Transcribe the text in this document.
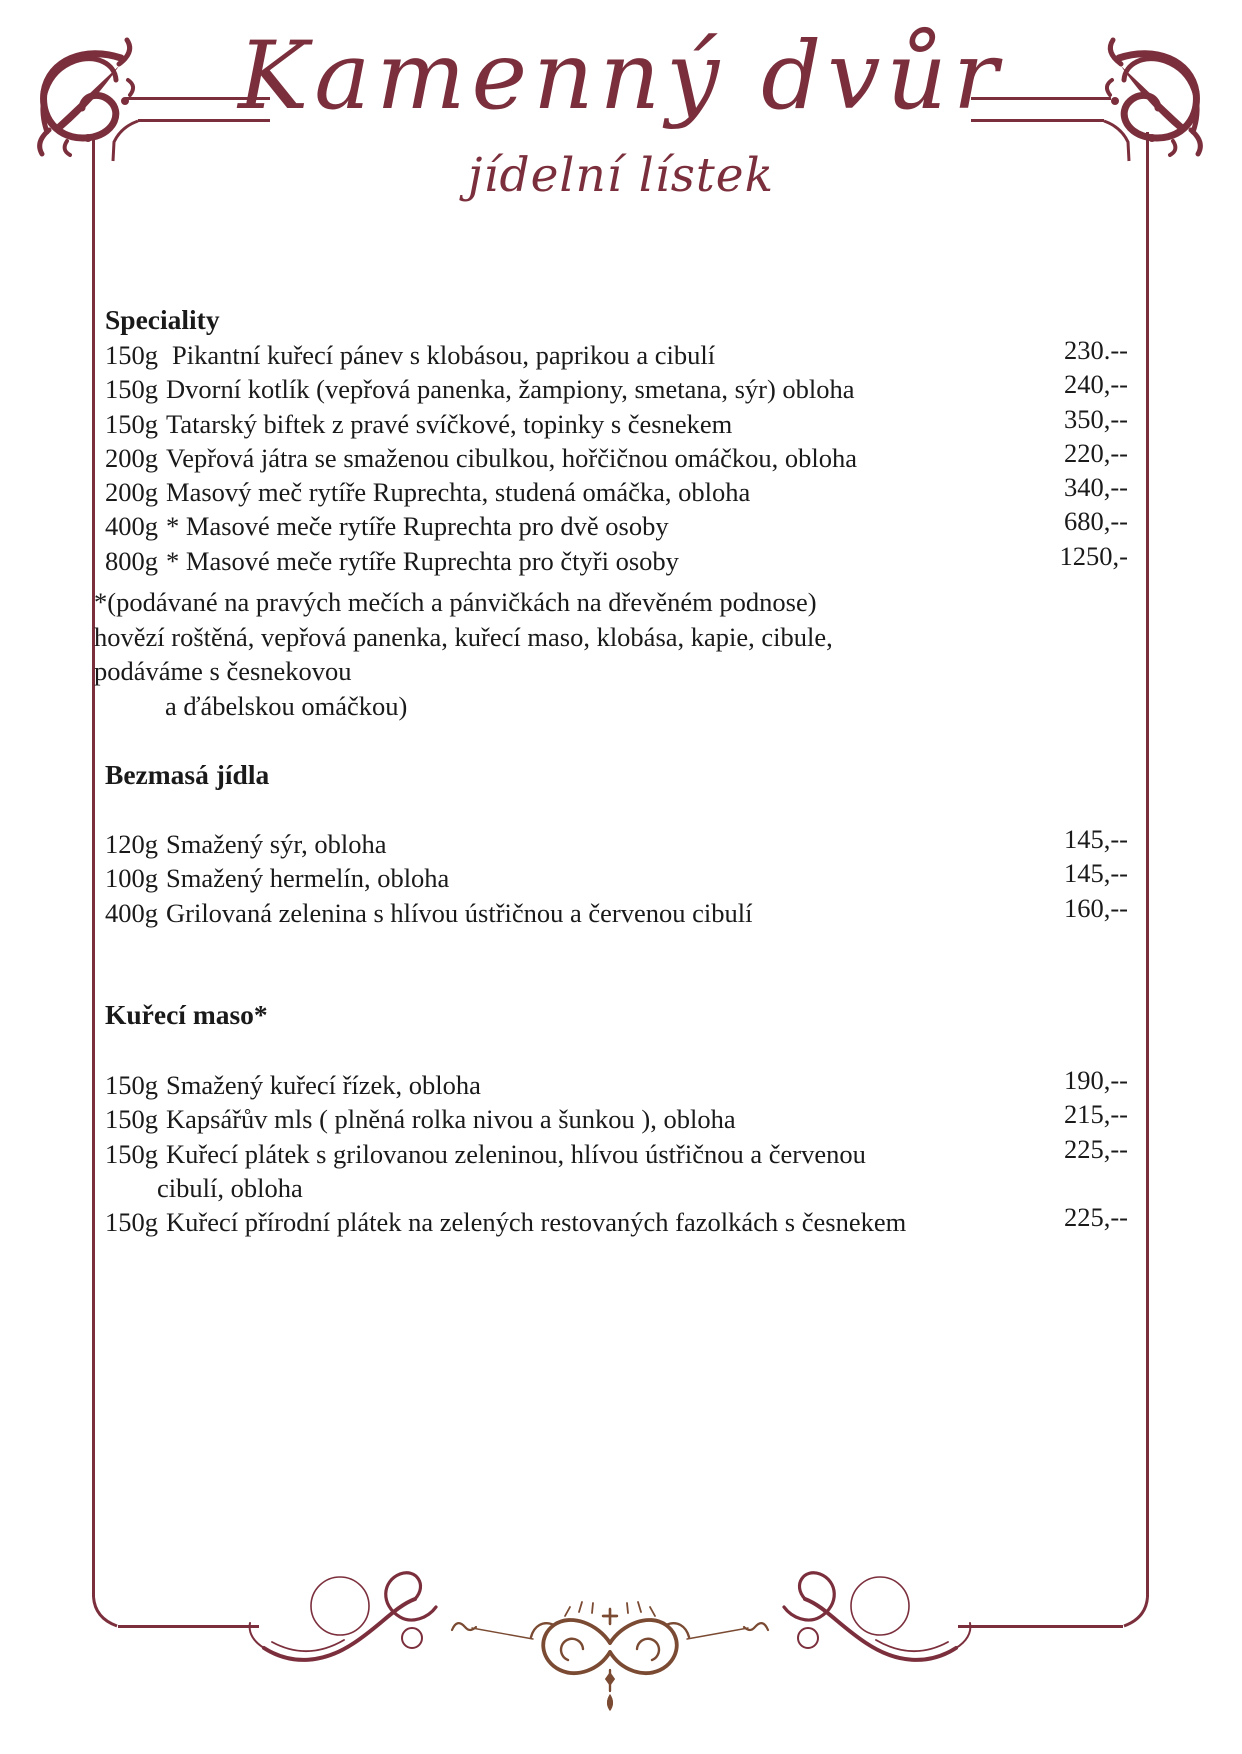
Kamenný dvůr
jídelní lístek
Speciality
150g Pikantní kuřecí pánev s klobásou, paprikou a cibulí	230.--
150g Dvorní kotlík (vepřová panenka, žampiony, smetana, sýr) obloha	240,--
150g Tatarský biftek z pravé svíčkové, topinky s česnekem	350,--
200g Vepřová játra se smaženou cibulkou, hořčičnou omáčkou, obloha	220,--
200g Masový meč rytíře Ruprechta, studená omáčka, obloha	340,--
400g * Masové meče rytíře Ruprechta pro dvě osoby	680,--
800g * Masové meče rytíře Ruprechta pro čtyři osoby	1250,-
*(podávané na pravých mečích a pánvičkách na dřevěném podnose)
hovězí roštěná, vepřová panenka, kuřecí maso, klobása, kapie, cibule,
podáváme s česnekovou
a ďábelskou omáčkou)
Bezmasá jídla
120g Smažený sýr, obloha	145,--
100g Smažený hermelín, obloha	145,--
400g Grilovaná zelenina s hlívou ústřičnou a červenou cibulí	160,--
Kuřecí maso*
150g Smažený kuřecí řízek, obloha	190,--
150g Kapsářův mls ( plněná rolka nivou a šunkou ), obloha	215,--
150g Kuřecí plátek s grilovanou zeleninou, hlívou ústřičnou a červenou	225,--
cibulí, obloha
150g Kuřecí přírodní plátek na zelených restovaných fazolkách s česnekem	225,--
